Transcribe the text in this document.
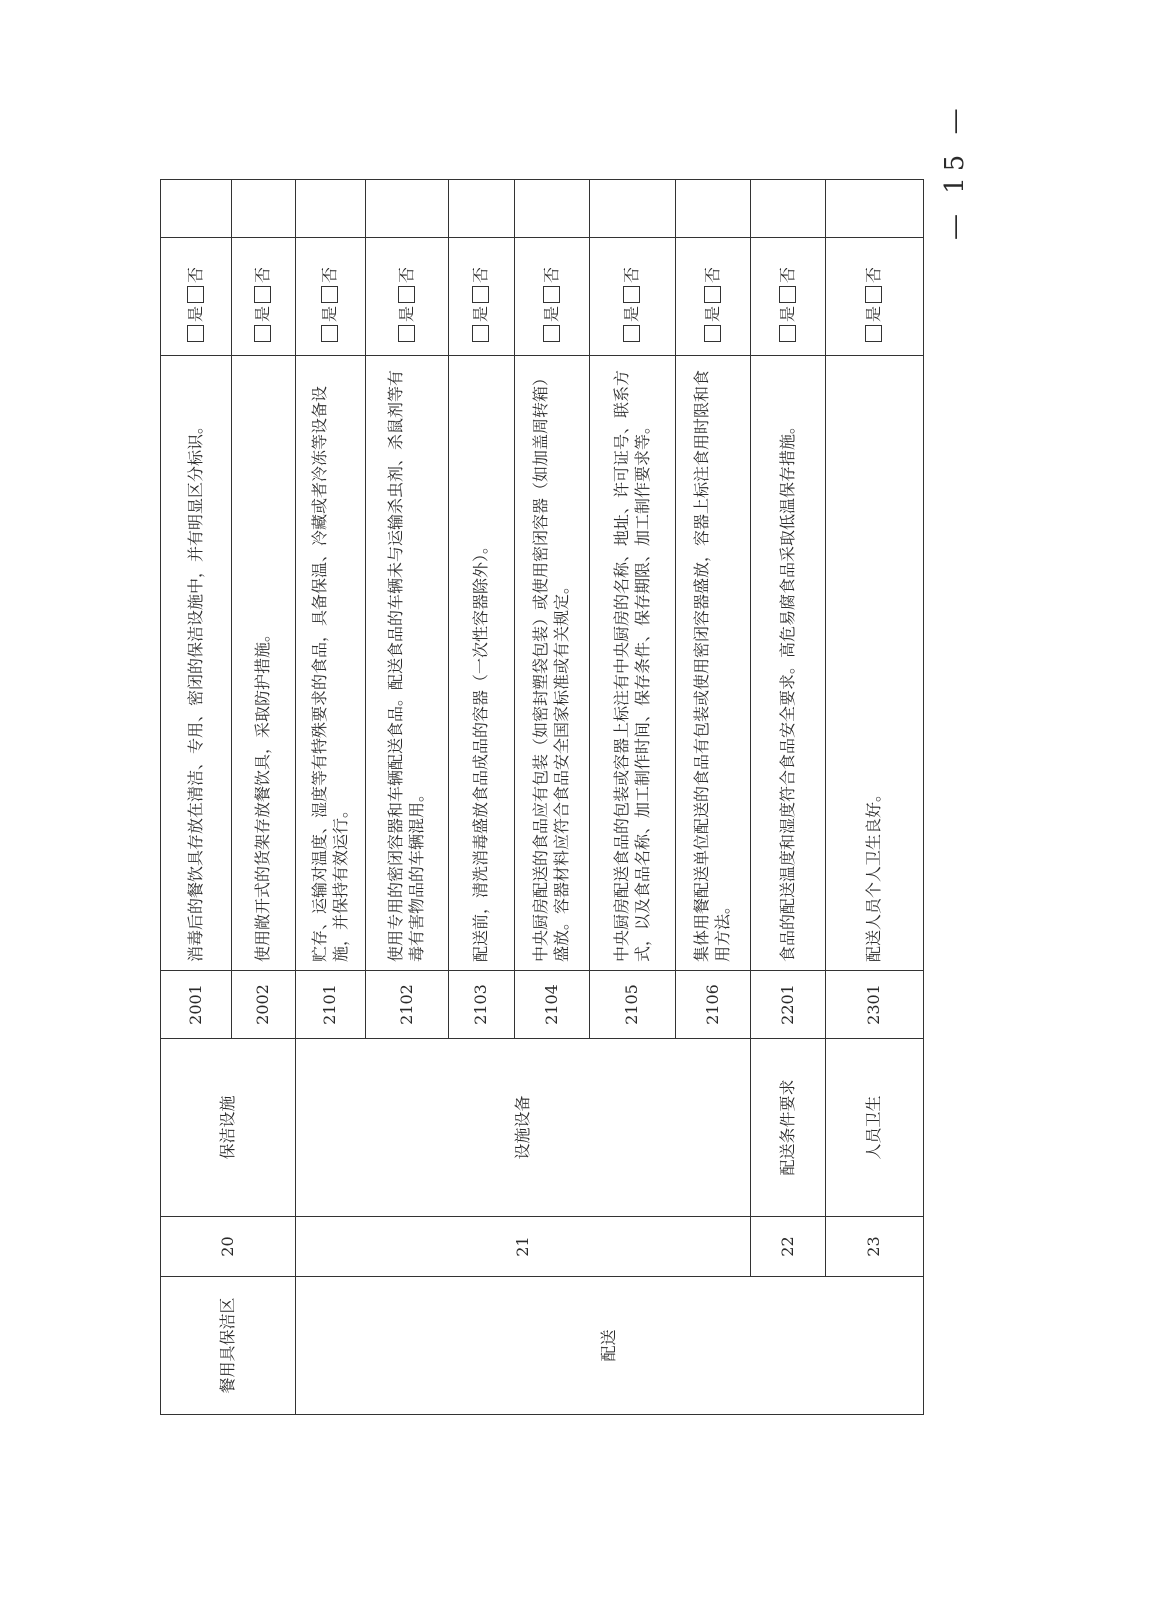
餐用具保洁区	20	保洁设施	2001	消毒后的餐饮具存放在清洁、专用、密闭的保洁设施中，并有明显区分标识。	是否	
			2002	使用敞开式的货架存放餐饮具，采取防护措施。	是否	
配送	21	设施设备	2101	贮存、运输对温度、湿度等有特殊要求的食品，具备保温、冷藏或者冷冻等设备设施，并保持有效运行。	是否	
			2102	使用专用的密闭容器和车辆配送食品。配送食品的车辆未与运输杀虫剂、杀鼠剂等有毒有害物品的车辆混用。	是否	
			2103	配送前，清洗消毒盛放食品成品的容器（一次性容器除外）。	是否	
			2104	中央厨房配送的食品应有包装（如密封塑袋包装）或使用密闭容器（如加盖周转箱）盛放。容器材料应符合食品安全国家标准或有关规定。	是否	
			2105	中央厨房配送食品的包装或容器上标注有中央厨房的名称、地址、许可证号、联系方式，以及食品名称、加工制作时间、保存条件、保存期限、加工制作要求等。	是否	
			2106	集体用餐配送单位配送的食品有包装或使用密闭容器盛放，容器上标注食用时限和食用方法。	是否	
	22	配送条件要求	2201	食品的配送温度和湿度符合食品安全要求。高危易腐食品采取低温保存措施。	是否	
	23	人员卫生	2301	配送人员个人卫生良好。	是否	
— 15 —
